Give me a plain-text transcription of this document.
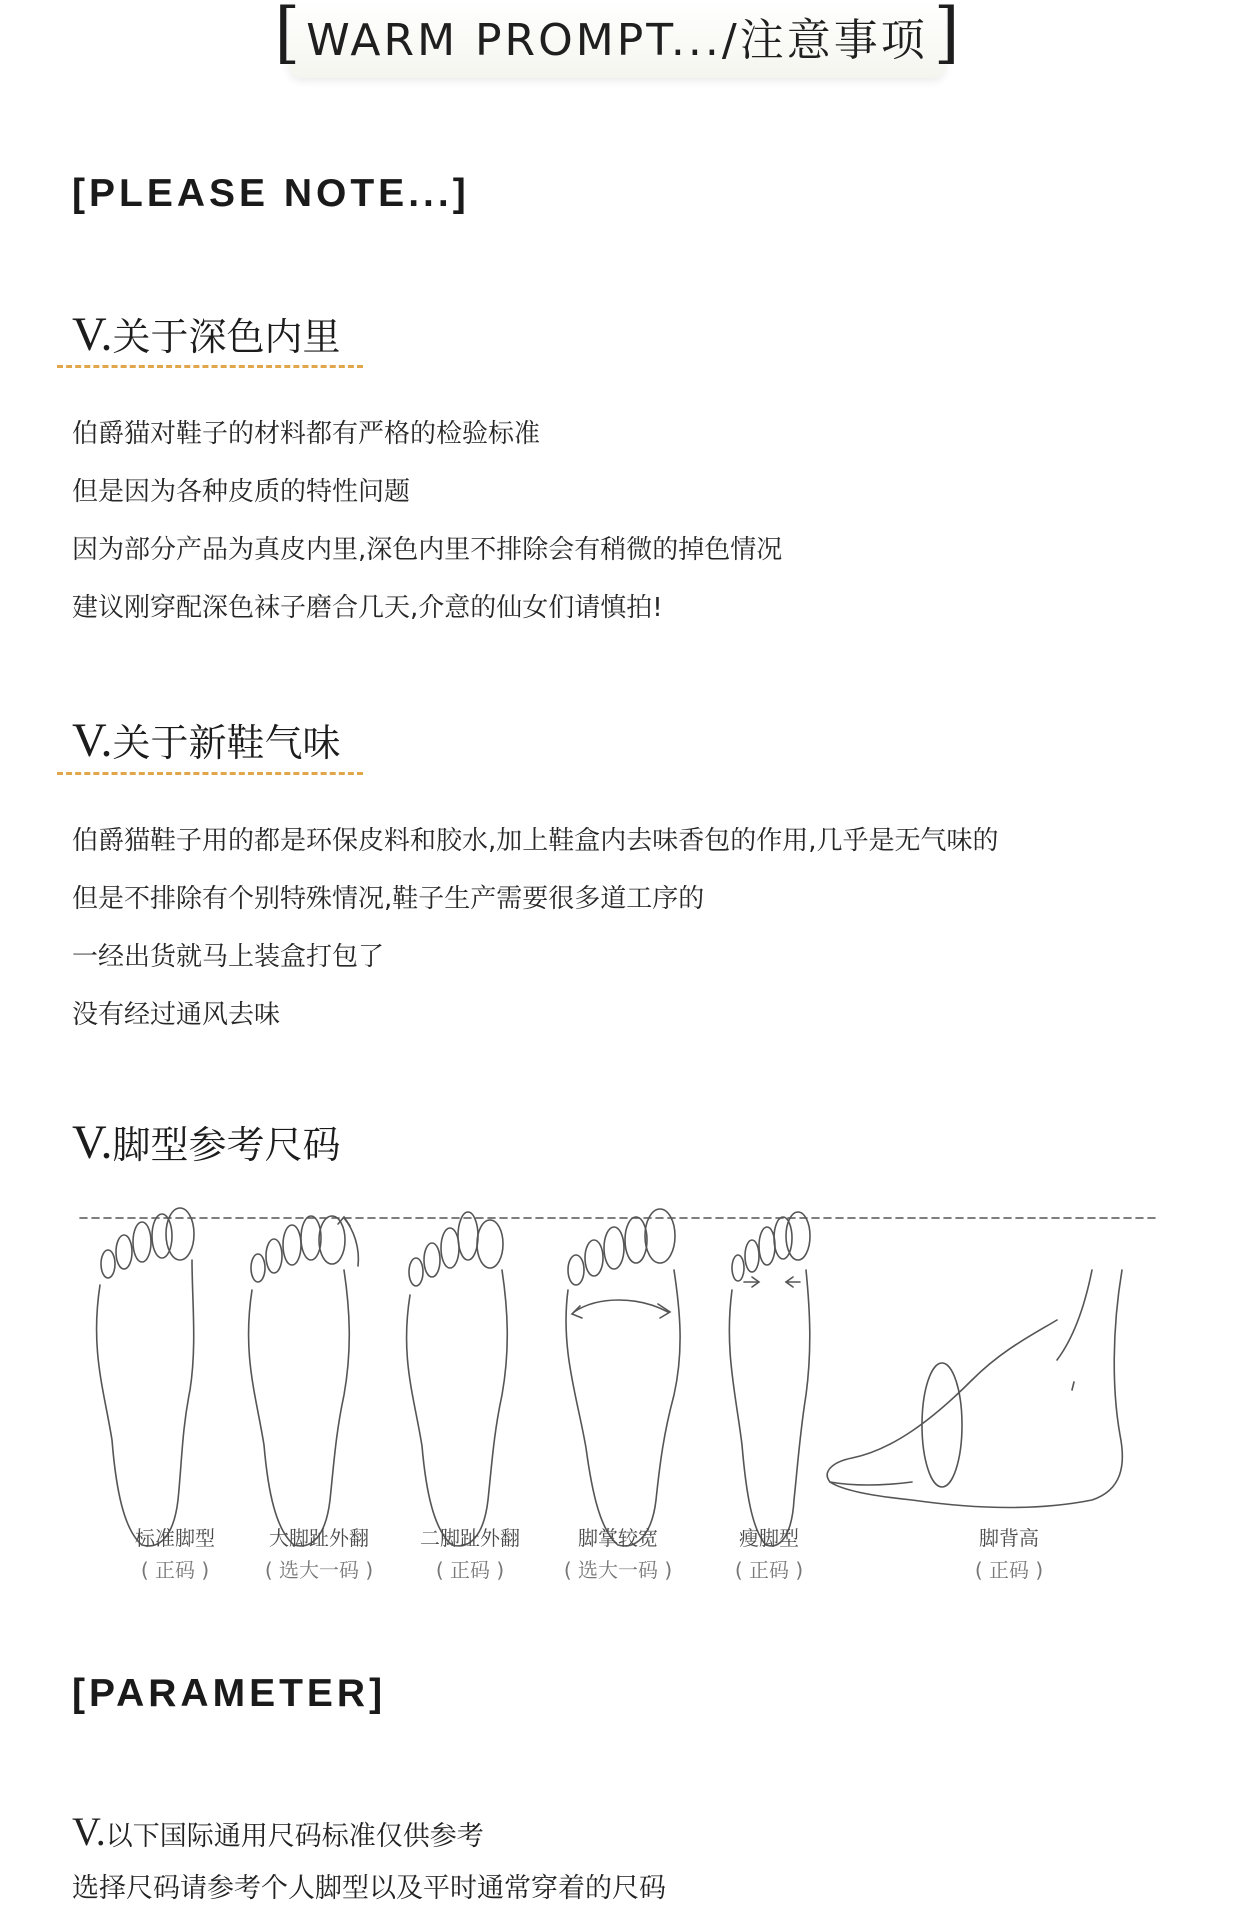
[ WARM PROMPT.../注意事项 ]
[PLEASE NOTE...]
V.关于深色内里
伯爵猫对鞋子的材料都有严格的检验标准
但是因为各种皮质的特性问题
因为部分产品为真皮内里,深色内里不排除会有稍微的掉色情况
建议刚穿配深色袜子磨合几天,介意的仙女们请慎拍!
V.关于新鞋气味
伯爵猫鞋子用的都是环保皮料和胶水,加上鞋盒内去味香包的作用,几乎是无气味的
但是不排除有个别特殊情况,鞋子生产需要很多道工序的
一经出货就马上装盒打包了
没有经过通风去味
V.脚型参考尺码
标准脚型
( 正码 )
大脚趾外翻
( 选大一码 )
二脚趾外翻
( 正码 )
脚掌较宽
( 选大一码 )
瘦脚型
( 正码 )
脚背高
( 正码 )
[PARAMETER]
V.以下国际通用尺码标准仅供参考
选择尺码请参考个人脚型以及平时通常穿着的尺码
